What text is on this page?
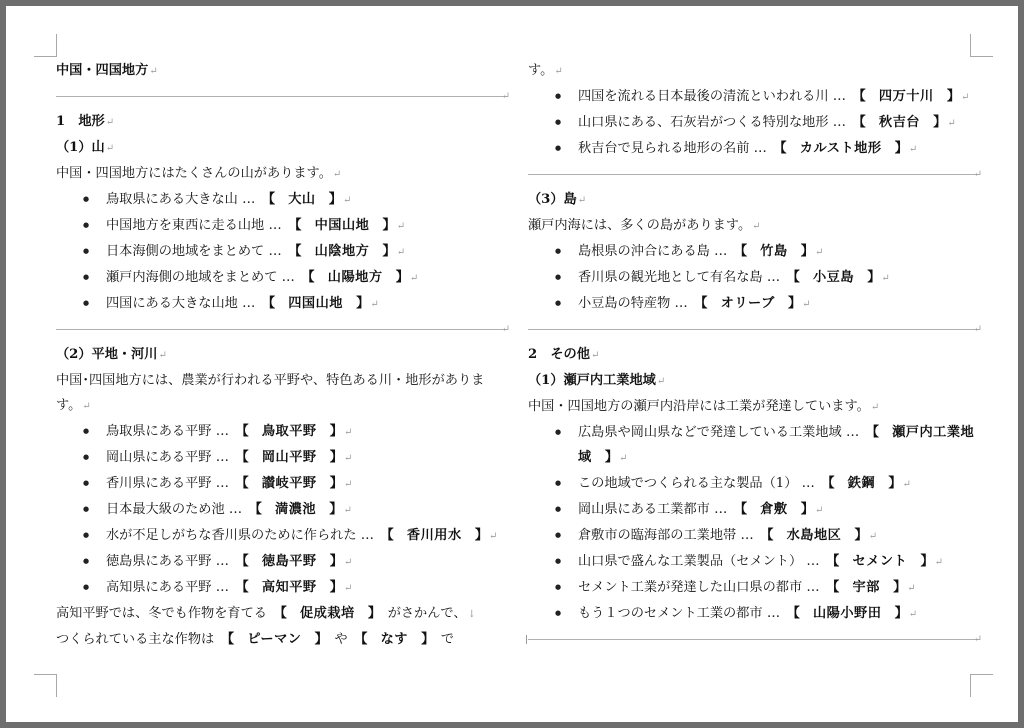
中国・四国地方↵

↵

1　地形↵

（1）山↵

中国・四国地方にはたくさんの山があります。↵

● 鳥取県にある大きな山 …　 【　 大山　 】↵
● 中国地方を東西に走る山地 …　 【　 中国山地　 】↵
● 日本海側の地域をまとめて …　 【　 山陰地方　 】↵
● 瀬戸内海側の地域をまとめて …　 【　 山陽地方　 】↵
● 四国にある大きな山地 …　 【　 四国山地　 】↵
↵

（2）平地・河川↵

中国･四国地方には、農業が行われる平野や、特色ある川・地形があります。↵

● 鳥取県にある平野 …　 【　 鳥取平野　 】↵
● 岡山県にある平野 …　 【　 岡山平野　 】↵
● 香川県にある平野 …　 【　 讃岐平野　 】↵
● 日本最大級のため池 …　 【　 満濃池　 】↵
● 水が不足しがちな香川県のために作られた …　 【　 香川用水　 】↵
● 徳島県にある平野 …　 【　 徳島平野　 】↵
● 高知県にある平野 …　 【　 高知平野　 】↵

高知平野では、冬でも作物を育てる　 【　 促成栽培　 】　 がさかんで、↓
つくられている主な作物は　 【　 ピーマン　 】　 や　 【　 なす　 】　 で

す。↵

● 四国を流れる日本最後の清流といわれる川 …　 【　 四万十川　 】↵
● 山口県にある、石灰岩がつくる特別な地形 …　 【　 秋吉台　 】↵
● 秋吉台で見られる地形の名前 …　 【　 カルスト地形　 】↵
↵

（3）島↵

瀬戸内海には、多くの島があります。↵

● 島根県の沖合にある島 …　 【　 竹島　 】↵
● 香川県の観光地として有名な島 …　 【　 小豆島　 】↵
● 小豆島の特産物 …　 【　 オリーブ　 】↵
↵

2　その他↵

（1）瀬戸内工業地域↵

中国・四国地方の瀬戸内沿岸には工業が発達しています。↵

● 広島県や岡山県などで発達している工業地域 …　 【　 瀬戸内工業地域　 】↵
● この地域でつくられる主な製品（1） …　 【　 鉄鋼　 】↵
● 岡山県にある工業都市 …　 【　 倉敷　 】↵
● 倉敷市の臨海部の工業地帯 …　 【　 水島地区　 】↵
● 山口県で盛んな工業製品（セメント） …　 【　 セメント　 】↵
● セメント工業が発達した山口県の都市 …　 【　 宇部　 】↵
● もう１つのセメント工業の都市 …　 【　 山陽小野田　 】↵
↵
